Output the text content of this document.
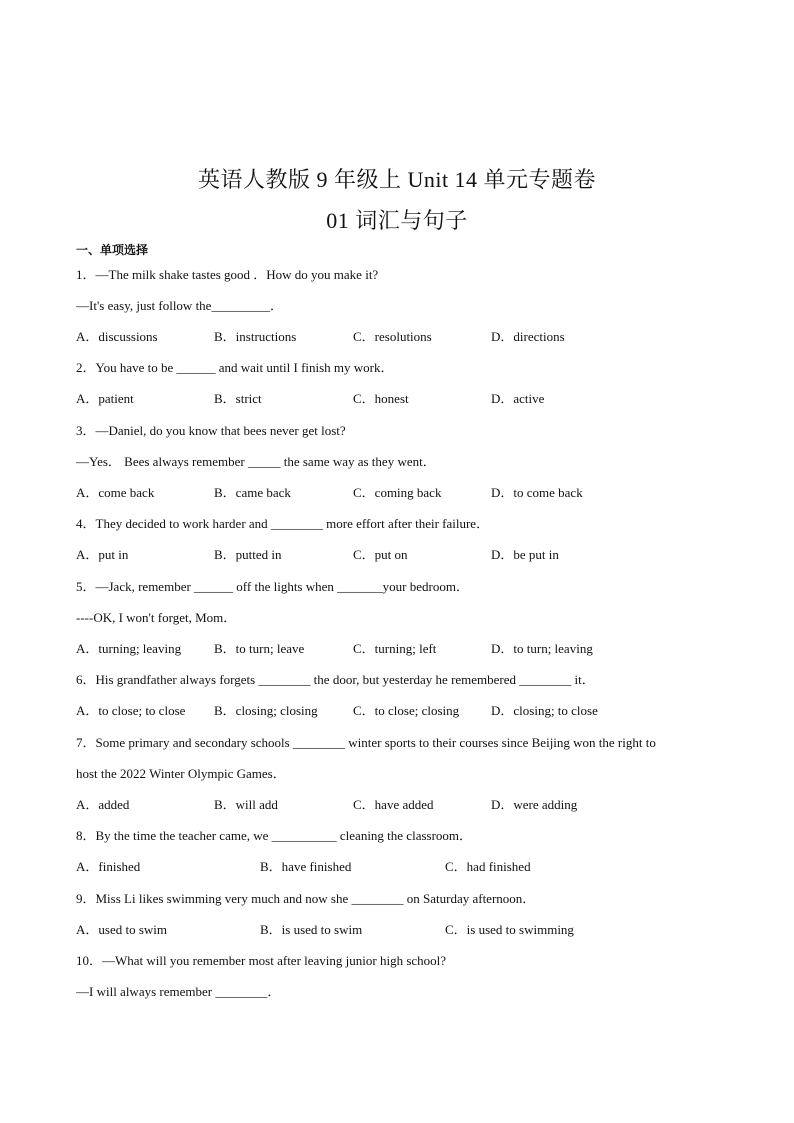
英语人教版 9 年级上 Unit 14 单元专题卷
01 词汇与句子
一、单项选择
1．—The milk shake tastes good ．How do you make it?
—It's easy, just follow the_________．
A．discussions	B．instructions	C．resolutions	D．directions
2．You have to be ______ and wait until I finish my work．
A．patient	B．strict	C．honest	D．active
3．—Daniel, do you know that bees never get lost?
—Yes． Bees always remember _____ the same way as they went．
A．come back	B．came back	C．coming back	D．to come back
4．They decided to work harder and ________ more effort after their failure．
A．put in	B．putted in	C．put on	D．be put in
5．—Jack, remember ______ off the lights when _______your bedroom．
----OK, I won't forget, Mom．
A．turning; leaving	B．to turn; leave	C．turning; left	D．to turn; leaving
6．His grandfather always forgets ________ the door, but yesterday he remembered ________ it．
A．to close; to close B．closing; closing	C．to close; closing D．closing; to close
7．Some primary and secondary schools ________ winter sports to their courses since Beijing won the right to
host the 2022 Winter Olympic Games．
A．added	B．will add	C．have added	D．were adding
8．By the time the teacher came, we __________ cleaning the classroom．
A．finished	B．have finished	C．had finished
9．Miss Li likes swimming very much and now she ________ on Saturday afternoon．
A．used to swim	B．is used to swim	C．is used to swimming
10．—What will you remember most after leaving junior high school?
—I will always remember ________．
